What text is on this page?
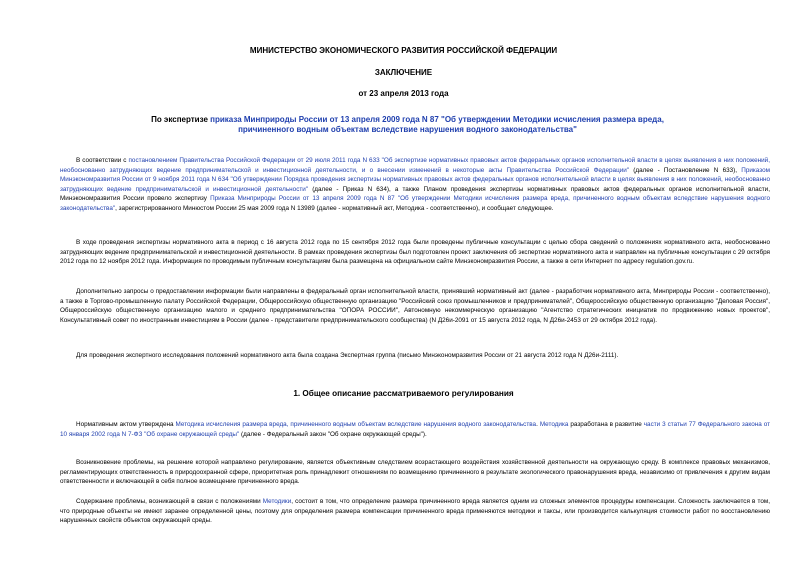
МИНИСТЕРСТВО ЭКОНОМИЧЕСКОГО РАЗВИТИЯ РОССИЙСКОЙ ФЕДЕРАЦИИ

ЗАКЛЮЧЕНИЕ

от 23 апреля 2013 года

По экспертизе приказа Минприроды России от 13 апреля 2009 года N 87 "Об утверждении Методики исчисления размера вреда, причиненного водным объектам вследствие нарушения водного законодательства"

В соответствии с постановлением Правительства Российской Федерации от 29 июля 2011 года N 633 "Об экспертизе нормативных правовых актов федеральных органов исполнительной власти в целях выявления в них положений, необоснованно затрудняющих ведение предпринимательской и инвестиционной деятельности, и о внесении изменений в некоторые акты Правительства Российской Федерации" (далее - Постановление N 633), Приказом Минэкономразвития России от 9 ноября 2011 года N 634 "Об утверждении Порядка проведения экспертизы нормативных правовых актов федеральных органов исполнительной власти в целях выявления в них положений, необоснованно затрудняющих ведение предпринимательской и инвестиционной деятельности" (далее - Приказ N 634), а также Планом проведения экспертизы нормативных правовых актов федеральных органов исполнительной власти, Минэкономразвития России провело экспертизу Приказа Минприроды России от 13 апреля 2009 года N 87 "Об утверждении Методики исчисления размера вреда, причиненного водным объектам вследствие нарушения водного законодательства", зарегистрированного Минюстом России 25 мая 2009 года N 13989 (далее - нормативный акт, Методика - соответственно), и сообщает следующее.

В ходе проведения экспертизы нормативного акта в период с 16 августа 2012 года по 15 сентября 2012 года были проведены публичные консультации с целью сбора сведений о положениях нормативного акта, необоснованно затрудняющих ведение предпринимательской и инвестиционной деятельности. В рамках проведения экспертизы был подготовлен проект заключения об экспертизе нормативного акта и направлен на публичные консультации с 29 октября 2012 года по 12 ноября 2012 года. Информация по проводимым публичным консультациям была размещена на официальном сайте Минэкономразвития России, а также в сети Интернет по адресу regulation.gov.ru.

Дополнительно запросы о предоставлении информации были направлены в федеральный орган исполнительной власти, принявший нормативный акт (далее - разработчик нормативного акта, Минприроды России - соответственно), а также в Торгово-промышленную палату Российской Федерации, Общероссийскую общественную организацию "Российский союз промышленников и предпринимателей", Общероссийскую общественную организацию "Деловая Россия", Общероссийскую общественную организацию малого и среднего предпринимательства "ОПОРА РОССИИ", Автономную некоммерческую организацию "Агентство стратегических инициатив по продвижению новых проектов", Консультативный совет по иностранным инвестициям в России (далее - представители предпринимательского сообщества) (N Д26и-2091 от 15 августа 2012 года, N Д26и-2453 от 29 октября 2012 года).

Для проведения экспертного исследования положений нормативного акта была создана Экспертная группа (письмо Минэкономразвития России от 21 августа 2012 года N Д26и-2111).

1. Общее описание рассматриваемого регулирования

Нормативным актом утверждена Методика исчисления размера вреда, причиненного водным объектам вследствие нарушения водного законодательства. Методика разработана в развитие части 3 статьи 77 Федерального закона от 10 января 2002 года N 7-ФЗ "Об охране окружающей среды" (далее - Федеральный закон "Об охране окружающей среды").

Возникновение проблемы, на решение которой направлено регулирование, является объективным следствием возрастающего воздействия хозяйственной деятельности на окружающую среду. В комплексе правовых механизмов, регламентирующих ответственность в природоохранной сфере, приоритетная роль принадлежит отношениям по возмещению причиненного в результате экологического правонарушения вреда, независимо от привлечения к другим видам ответственности и включающей в себя полное возмещение причиненного вреда.

Содержание проблемы, возникающей в связи с положениями Методики, состоит в том, что определение размера причиненного вреда является одним из сложных элементов процедуры компенсации. Сложность заключается в том, что природные объекты не имеют заранее определенной цены, поэтому для определения размера компенсации причиненного вреда применяются методики и таксы, или производится калькуляция стоимости работ по восстановлению нарушенных свойств объектов окружающей среды.
